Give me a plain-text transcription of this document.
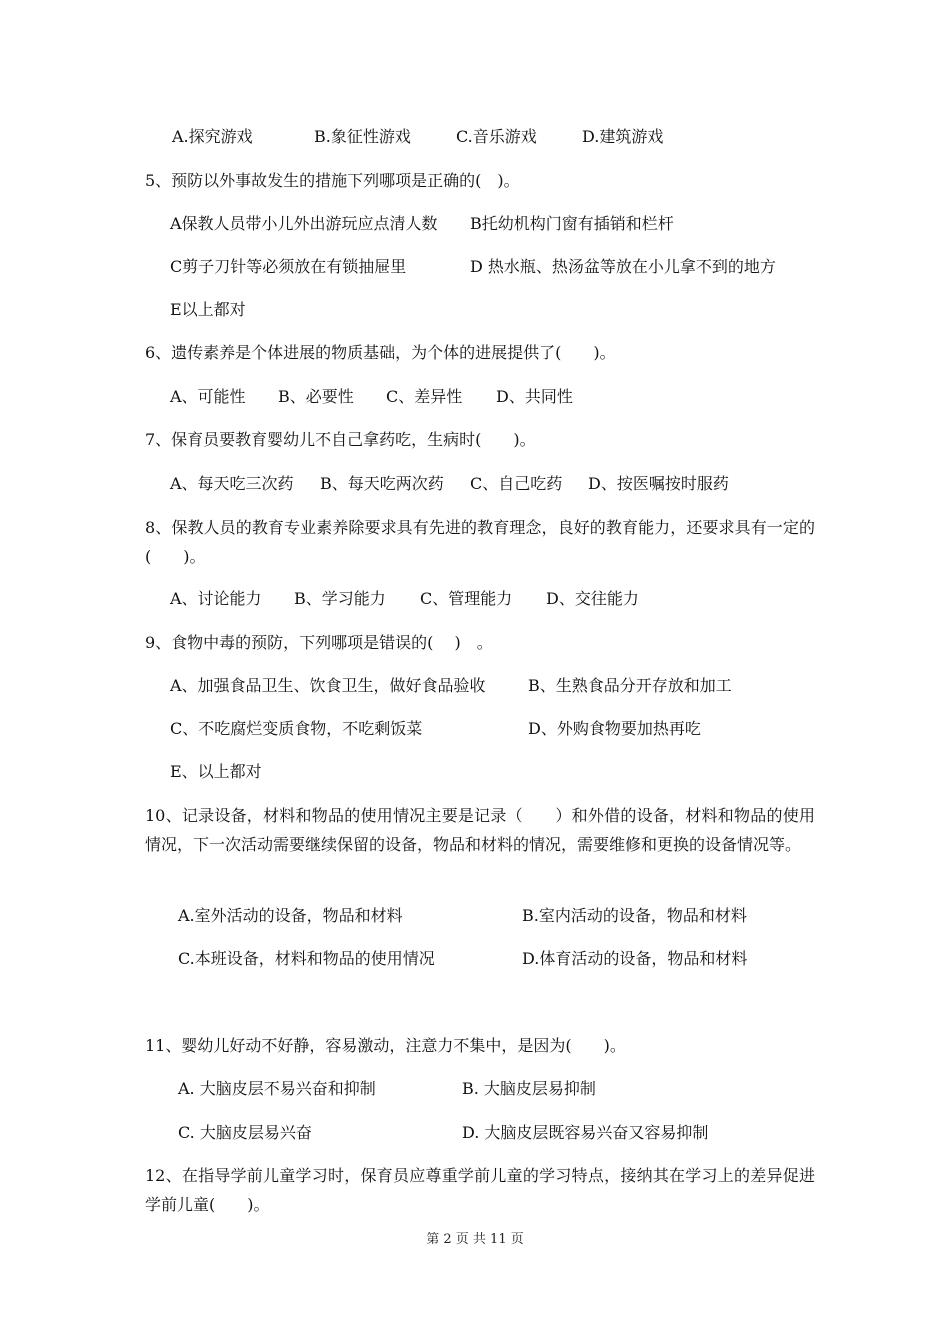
A.探究游戏	B.象征性游戏	C.音乐游戏	D.建筑游戏
5、预防以外事故发生的措施下列哪项是正确的(　)。
A保教人员带小儿外出游玩应点清人数 B托幼机构门窗有插销和栏杆
C剪子刀针等必须放在有锁抽屉里	D 热水瓶、热汤盆等放在小儿拿不到的地方
E以上都对
6、遗传素养是个体进展的物质基础，为个体的进展提供了(　　)。
A、可能性 B、必要性 C、差异性 D、共同性
7、保育员要教育婴幼儿不自己拿药吃，生病时(　　)。
A、每天吃三次药 B、每天吃两次药 C、自己吃药 D、按医嘱按时服药
8、保教人员的教育专业素养除要求具有先进的教育理念，良好的教育能力，还要求具有一定的(　　)。
A、讨论能力 B、学习能力 C、管理能力 D、交往能力
9、食物中毒的预防，下列哪项是错误的(　 )　。
A、加强食品卫生、饮食卫生，做好食品验收	B、生熟食品分开存放和加工
C、不吃腐烂变质食物，不吃剩饭菜	D、外购食物要加热再吃
E、以上都对
10、记录设备，材料和物品的使用情况主要是记录（　　）和外借的设备，材料和物品的使用情况，下一次活动需要继续保留的设备，物品和材料的情况，需要维修和更换的设备情况等。
A.室外活动的设备，物品和材料	B.室内活动的设备，物品和材料
C.本班设备，材料和物品的使用情况	D.体育活动的设备，物品和材料
11、婴幼儿好动不好静，容易激动，注意力不集中，是因为(　　)。
A. 大脑皮层不易兴奋和抑制	B. 大脑皮层易抑制
C. 大脑皮层易兴奋	D. 大脑皮层既容易兴奋又容易抑制
12、在指导学前儿童学习时，保育员应尊重学前儿童的学习特点，接纳其在学习上的差异促进学前儿童(　　)。
第 2 页 共 11 页
